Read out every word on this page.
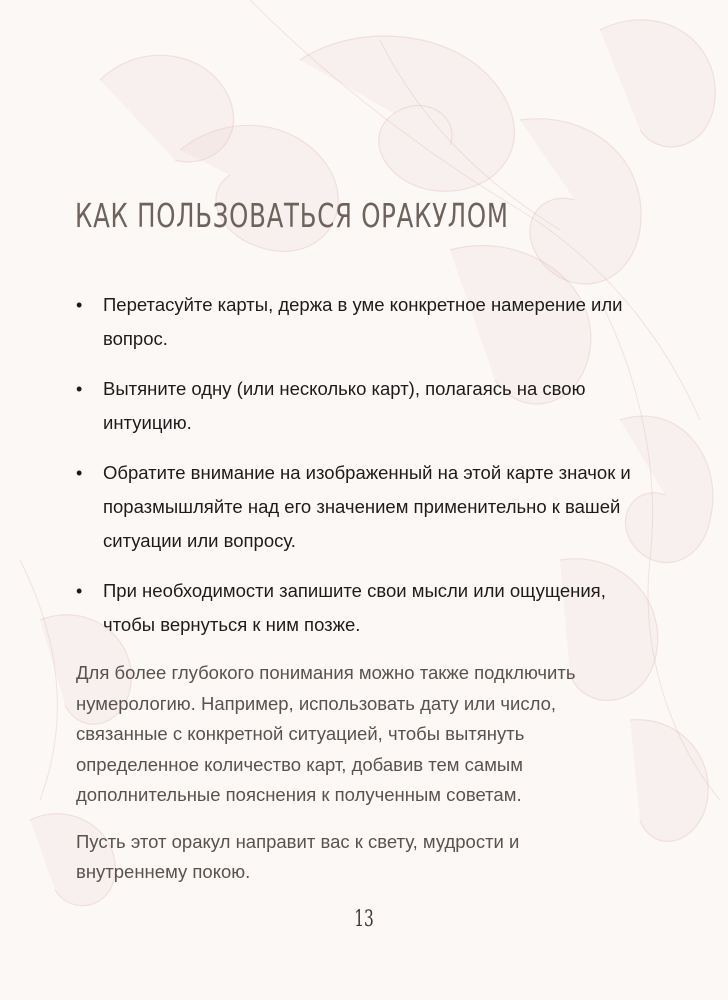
КАК ПОЛЬЗОВАТЬСЯ ОРАКУЛОМ
• Перетасуйте карты, держа в уме конкретное намерение или вопрос.
• Вытяните одну (или несколько карт), полагаясь на свою интуицию.
• Обратите внимание на изображенный на этой карте значок и поразмышляйте над его значением применительно к вашей ситуации или вопросу.
• При необходимости запишите свои мысли или ощущения, чтобы вернуться к ним позже.

Для более глубокого понимания можно также подключить нумерологию. Например, использовать дату или число, связанные с конкретной ситуацией, чтобы вытянуть определенное количество карт, добавив тем самым дополнительные пояснения к полученным советам.

Пусть этот оракул направит вас к свету, мудрости и внутреннему покою.

13
